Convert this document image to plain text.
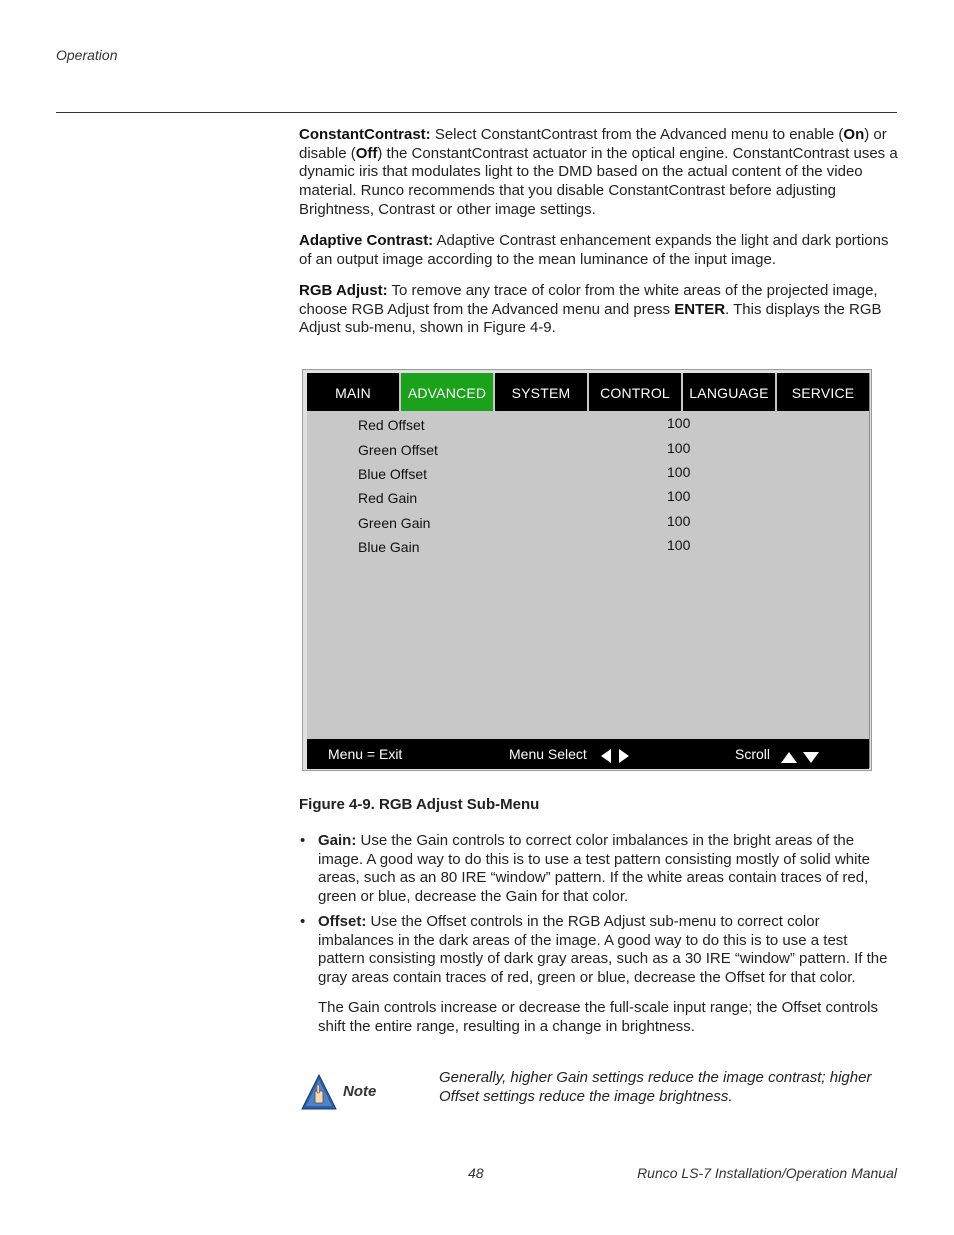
Operation
ConstantContrast: Select ConstantContrast from the Advanced menu to enable (On) or disable (Off) the ConstantContrast actuator in the optical engine. ConstantContrast uses a dynamic iris that modulates light to the DMD based on the actual content of the video material. Runco recommends that you disable ConstantContrast before adjusting Brightness, Contrast or other image settings.
Adaptive Contrast: Adaptive Contrast enhancement expands the light and dark portions of an output image according to the mean luminance of the input image.
RGB Adjust: To remove any trace of color from the white areas of the projected image, choose RGB Adjust from the Advanced menu and press ENTER. This displays the RGB Adjust sub-menu, shown in Figure 4-9.
MAIN	ADVANCED	SYSTEM	CONTROL	LANGUAGE	SERVICE
Red Offset	100
Green Offset	100
Blue Offset	100
Red Gain	100
Green Gain	100
Blue Gain	100
Menu = Exit	Menu Select
	Scroll

Figure 4-9. RGB Adjust Sub-Menu
• Gain: Use the Gain controls to correct color imbalances in the bright areas of the image. A good way to do this is to use a test pattern consisting mostly of solid white areas, such as an 80 IRE “window” pattern. If the white areas contain traces of red, green or blue, decrease the Gain for that color.
• Offset: Use the Offset controls in the RGB Adjust sub-menu to correct color imbalances in the dark areas of the image. A good way to do this is to use a test pattern consisting mostly of dark gray areas, such as a 30 IRE “window” pattern. If the gray areas contain traces of red, green or blue, decrease the Offset for that color.
The Gain controls increase or decrease the full-scale input range; the Offset controls shift the entire range, resulting in a change in brightness.
Note
Generally, higher Gain settings reduce the image contrast; higher Offset settings reduce the image brightness.
48	Runco LS-7 Installation/Operation Manual
